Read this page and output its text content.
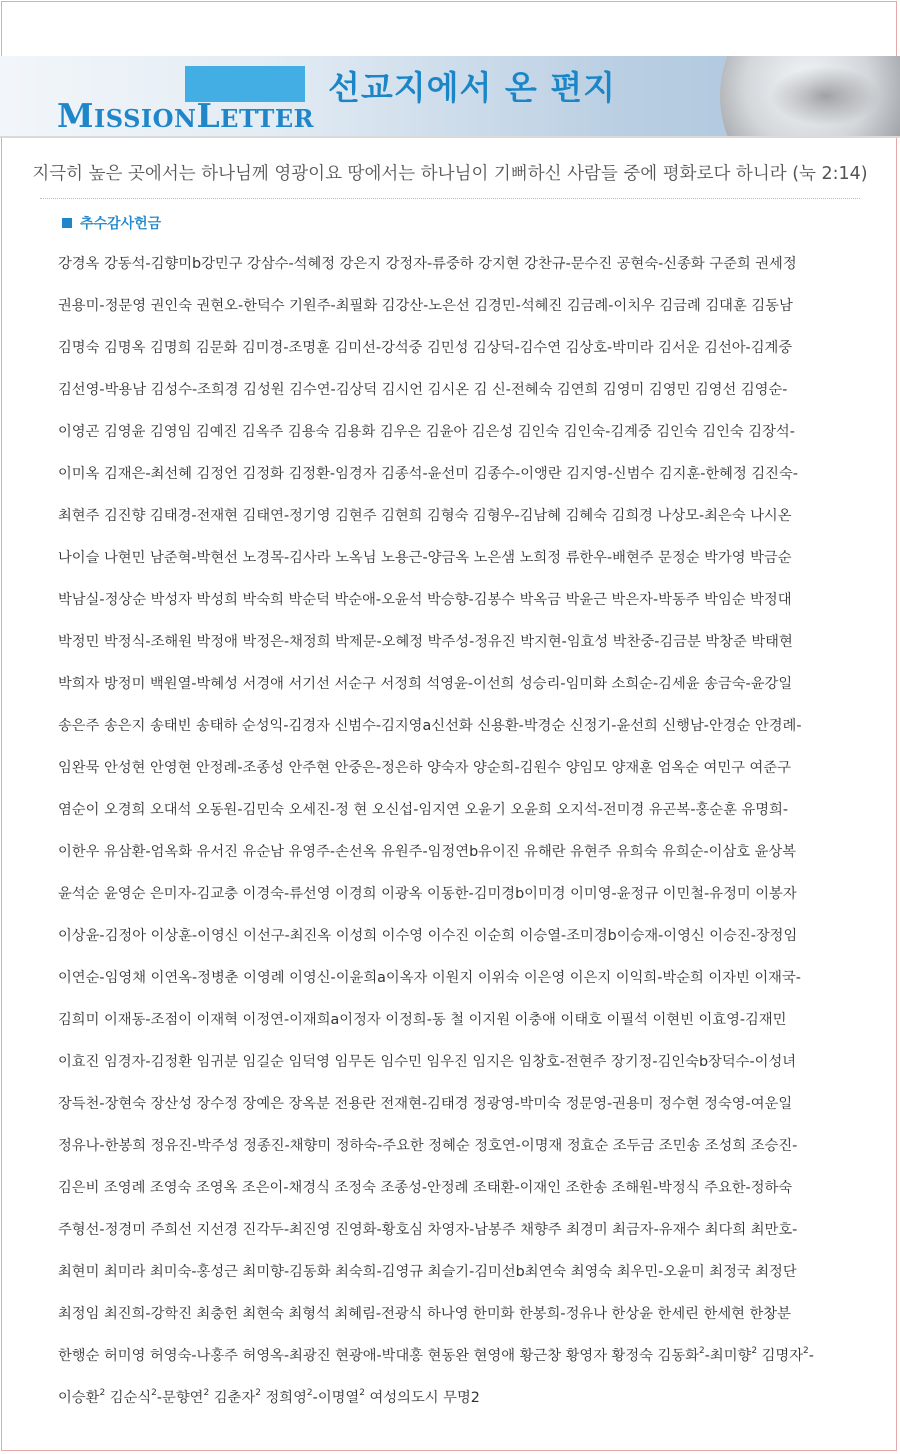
MISSIONLETTER
선교지에서 온 편지
지극히 높은 곳에서는 하나님께 영광이요 땅에서는 하나님이 기뻐하신 사람들 중에 평화로다 하니라 (눅 2:14)
추수감사헌금
강경옥 강동석-김향미b강민구 강삼수-석혜정 강은지 강정자-류중하 강지현 강찬규-문수진 공현숙-신종화 구준희 권세정
권용미-정문영 권인숙 권현오-한덕수 기원주-최필화 김강산-노은선 김경민-석혜진 김금례-이치우 김금례 김대훈 김동남
김명숙 김명옥 김명희 김문화 김미경-조명훈 김미선-강석중 김민성 김상덕-김수연 김상호-박미라 김서운 김선아-김계중
김선영-박용남 김성수-조희경 김성원 김수연-김상덕 김시언 김시온 김 신-전혜숙 김연희 김영미 김영민 김영선 김영순-
이영곤 김영윤 김영임 김예진 김옥주 김용숙 김용화 김우은 김윤아 김은성 김인숙 김인숙-김계중 김인숙 김인숙 김장석-
이미옥 김재은-최선혜 김정언 김정화 김정환-임경자 김종석-윤선미 김종수-이앵란 김지영-신범수 김지훈-한혜정 김진숙-
최현주 김진향 김태경-전재현 김태연-정기영 김현주 김현희 김형숙 김형우-김남혜 김혜숙 김희경 나상모-최은숙 나시온
나이슬 나현민 남준혁-박현선 노경목-김사라 노옥님 노용근-양금옥 노은샘 노희정 류한우-배현주 문정순 박가영 박금순
박남실-정상순 박성자 박성희 박숙희 박순덕 박순애-오윤석 박승향-김봉수 박옥금 박윤근 박은자-박동주 박임순 박정대
박정민 박정식-조해원 박정애 박정은-채정희 박제문-오혜정 박주성-정유진 박지현-임효성 박찬중-김금분 박창준 박태현
박희자 방정미 백원열-박혜성 서경애 서기선 서순구 서정희 석영윤-이선희 성승리-임미화 소희순-김세윤 송금숙-윤강일
송은주 송은지 송태빈 송태하 순성익-김경자 신범수-김지영a신선화 신용환-박경순 신정기-윤선희 신행남-안경순 안경례-
임완묵 안성현 안영현 안정례-조종성 안주현 안중은-정은하 양숙자 양순희-김원수 양임모 양재훈 엄옥순 여민구 여준구
염순이 오경희 오대석 오동원-김민숙 오세진-정 현 오신섭-임지연 오윤기 오윤희 오지석-전미경 유곤복-홍순훈 유명희-
이한우 유삼환-엄옥화 유서진 유순남 유영주-손선옥 유원주-임정연b유이진 유해란 유현주 유희숙 유희순-이삼호 윤상복
윤석순 윤영순 은미자-김교충 이경숙-류선영 이경희 이광옥 이동한-김미경b이미경 이미영-윤정규 이민철-유정미 이봉자
이상윤-김정아 이상훈-이영신 이선구-최진옥 이성희 이수영 이수진 이순희 이승열-조미경b이승재-이영신 이승진-장정임
이연순-임영채 이연옥-정병춘 이영례 이영신-이윤희a이옥자 이원지 이위숙 이은영 이은지 이익희-박순희 이자빈 이재국-
김희미 이재동-조점이 이재혁 이정연-이재희a이정자 이정희-동 철 이지원 이충애 이태호 이필석 이현빈 이효영-김재민
이효진 임경자-김정환 임귀분 임길순 임덕영 임무돈 임수민 임우진 임지은 임창호-전현주 장기정-김인숙b장덕수-이성녀
장득천-장현숙 장산성 장수정 장예은 장옥분 전용란 전재현-김태경 정광영-박미숙 정문영-권용미 정수현 정숙영-여운일
정유나-한봉희 정유진-박주성 정종진-채향미 정하숙-주요한 정혜순 정호연-이명재 정효순 조두금 조민송 조성희 조승진-
김은비 조영례 조영숙 조영옥 조은이-채경식 조정숙 조종성-안정례 조태환-이재인 조한송 조해원-박정식 주요한-정하숙
주형선-정경미 주희선 지선경 진각두-최진영 진영화-황호심 차영자-남봉주 채향주 최경미 최금자-유재수 최다희 최만호-
최현미 최미라 최미숙-홍성근 최미향-김동화 최숙희-김영규 최슬기-김미선b최연숙 최영숙 최우민-오윤미 최정국 최정단
최정임 최진희-강학진 최충헌 최현숙 최형석 최혜림-전광식 하나영 한미화 한봉희-정유나 한상윤 한세린 한세현 한창분
한행순 허미영 허영숙-나홍주 허영옥-최광진 현광애-박대홍 현동완 현영애 황근창 황영자 황정숙 김동화$^2$-최미향$^2$ 김명자$^2$-
이승환$^2$ 김순식$^2$-문향연$^2$ 김춘자$^2$ 정희영$^2$-이명열$^2$ 여성의도시 무명2
